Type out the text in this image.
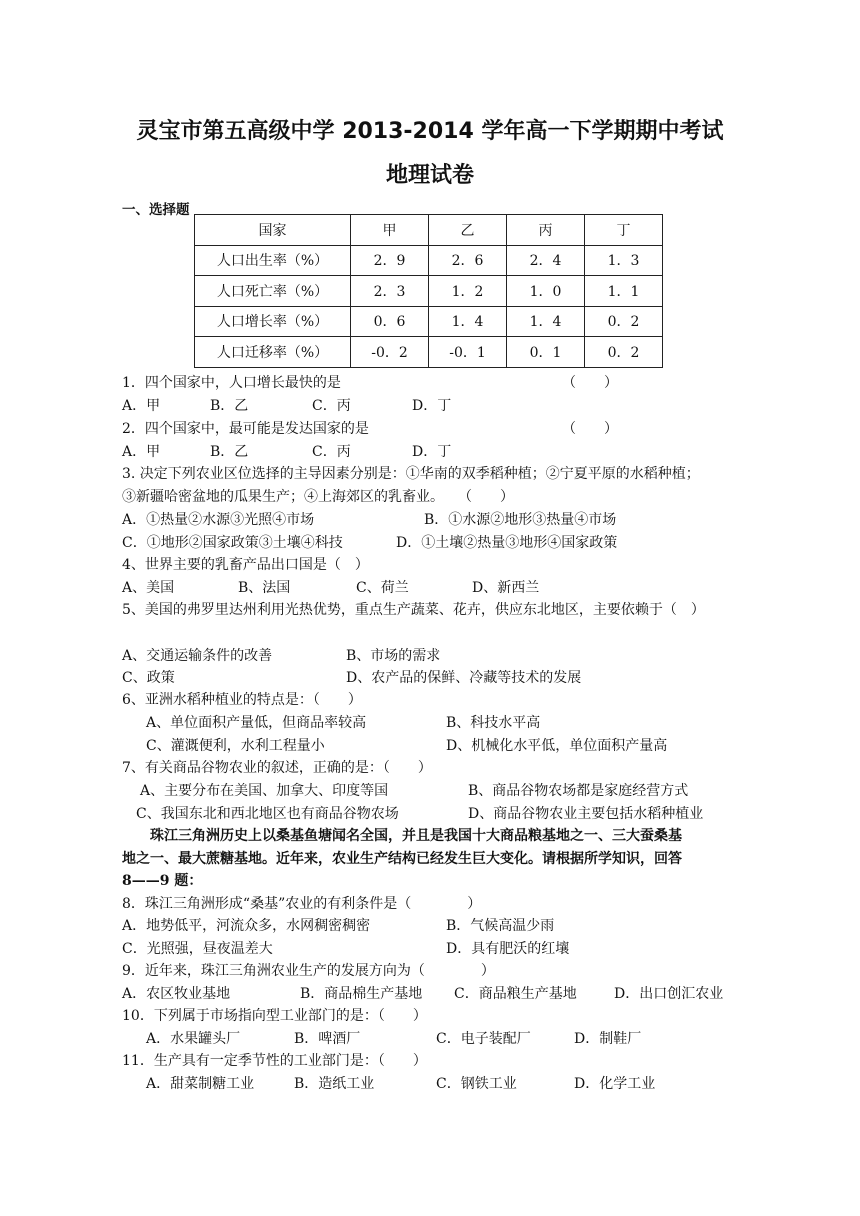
灵宝市第五高级中学 2013-2014 学年高一下学期期中考试
地理试卷
一、选择题
国家	甲	乙	丙	丁
人口出生率（%）	2．9	2．6	2．4	1．3
人口死亡率（%）	2．3	1．2	1．0	1．1
人口增长率（%）	0．6	1．4	1．4	0．2
人口迁移率（%）	-0．2	-0．1	0．1	0．2
1．四个国家中，人口增长最快的是	（　　）
A．甲	B．乙	C．丙	D．丁
2．四个国家中，最可能是发达国家的是	（　　）
A．甲	B．乙	C．丙	D．丁
3. 决定下列农业区位选择的主导因素分别是：①华南的双季稻种植；②宁夏平原的水稻种植；
③新疆哈密盆地的瓜果生产；④上海郊区的乳畜业。　　（　　）
A．①热量②水源③光照④市场	B．①水源②地形③热量④市场
C．①地形②国家政策③土壤④科技	D．①土壤②热量③地形④国家政策
4、世界主要的乳畜产品出口国是（　）
A、美国	B、法国	C、荷兰	D、新西兰
5、美国的弗罗里达州利用光热优势，重点生产蔬菜、花卉，供应东北地区，主要依赖于（　）
A、交通运输条件的改善	B、市场的需求
C、政策	D、农产品的保鲜、冷藏等技术的发展
6、亚洲水稻种植业的特点是：（　　）
A、单位面积产量低，但商品率较高	B、科技水平高
C、灌溉便利，水利工程量小	D、机械化水平低，单位面积产量高
7、有关商品谷物农业的叙述，正确的是：（　　）
A、主要分布在美国、加拿大、印度等国	B、商品谷物农场都是家庭经营方式
C、我国东北和西北地区也有商品谷物农场	D、商品谷物农业主要包括水稻种植业
　　珠江三角洲历史上以桑基鱼塘闻名全国，并且是我国十大商品粮基地之一、三大蚕桑基
地之一、最大蔗糖基地。近年来，农业生产结构已经发生巨大变化。请根据所学知识，回答
8——9 题：
8．珠江三角洲形成“桑基”农业的有利条件是（　　　　）
A．地势低平，河流众多，水网稠密稠密	B．气候高温少雨
C．光照强，昼夜温差大	D．具有肥沃的红壤
9．近年来，珠江三角洲农业生产的发展方向为（　　　　）
A．农区牧业基地	B．商品棉生产基地 C．商品粮生产基地	D．出口创汇农业
10．下列属于市场指向型工业部门的是：（　　）
A．水果罐头厂	B．啤酒厂	C．电子装配厂	D．制鞋厂
11．生产具有一定季节性的工业部门是：（　　）
A．甜菜制糖工业	B．造纸工业	C．钢铁工业	D．化学工业
